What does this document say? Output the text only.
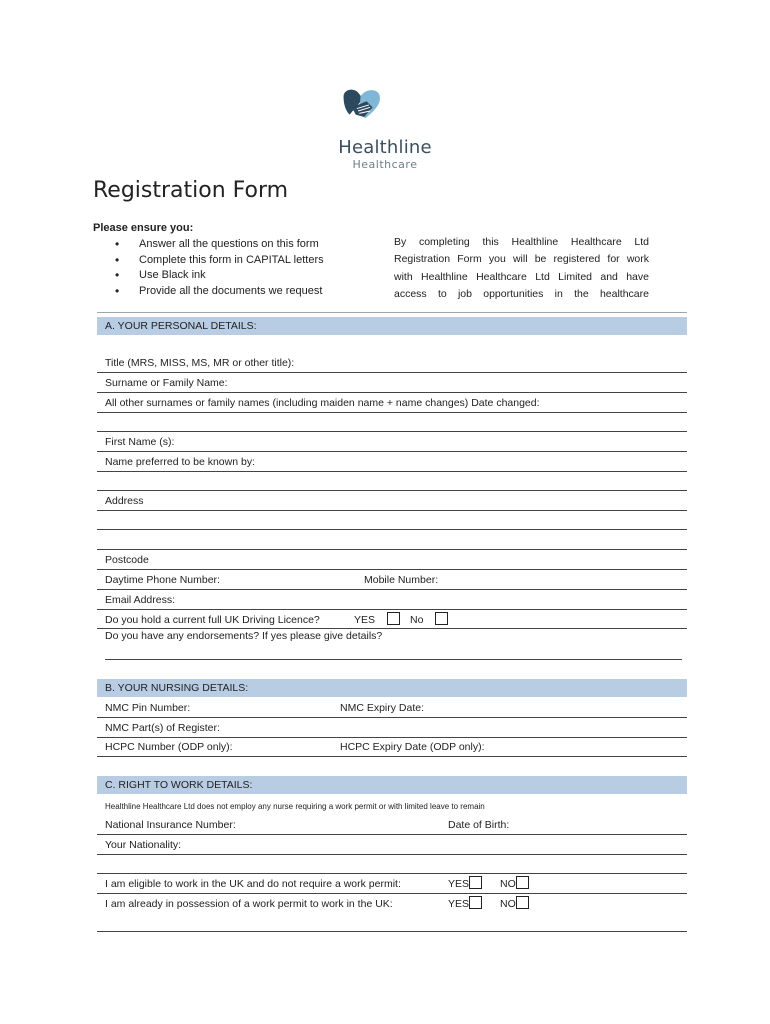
Healthline
Healthcare
Registration Form
Please ensure you:
• Answer all the questions on this form
• Complete this form in CAPITAL letters
• Use Black ink
• Provide all the documents we request
By completing this Healthline Healthcare Ltd
Registration Form you will be registered for work
with Healthline Healthcare Ltd Limited and have
access to job opportunities in the healthcare
A. YOUR PERSONAL DETAILS:
Title (MRS, MISS, MS, MR or other title):
Surname or Family Name:
All other surnames or family names (including maiden name + name changes) Date changed:
First Name (s):
Name preferred to be known by:
Address
Postcode
Daytime Phone Number:	Mobile Number:
Email Address:
Do you hold a current full UK Driving Licence?	YES	No
Do you have any endorsements? If yes please give details?
B. YOUR NURSING DETAILS:
NMC Pin Number:	NMC Expiry Date:
NMC Part(s) of Register:
HCPC Number (ODP only):	HCPC Expiry Date (ODP only):
C. RIGHT TO WORK DETAILS:
Healthline Healthcare Ltd does not employ any nurse requiring a work permit or with limited leave to remain
National Insurance Number:	Date of Birth:
Your Nationality:
I am eligible to work in the UK and do not require a work permit:	YES	NO
I am already in possession of a work permit to work in the UK:	YES	NO
